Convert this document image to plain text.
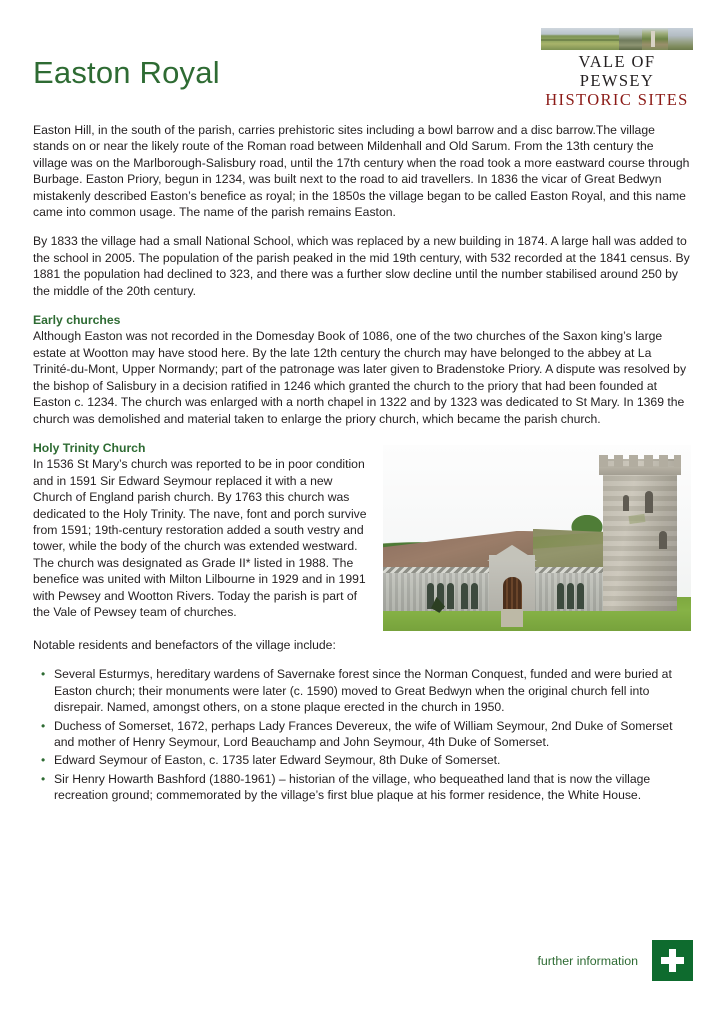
Easton Royal	VALE OF PEWSEY
HISTORIC SITES

Easton Hill, in the south of the parish, carries prehistoric sites including a bowl barrow and a disc barrow.The village stands on or near the likely route of the Roman road between Mildenhall and Old Sarum. From the 13th century the village was on the Marlborough-Salisbury road, until the 17th century when the road took a more eastward course through Burbage. Easton Priory, begun in 1234, was built next to the road to aid travellers. In 1836 the vicar of Great Bedwyn mistakenly described Easton’s benefice as royal; in the 1850s the village began to be called Easton Royal, and this name came into common usage. The name of the parish remains Easton.

By 1833 the village had a small National School, which was replaced by a new building in 1874. A large hall was added to the school in 2005. The population of the parish peaked in the mid 19th century, with 532 recorded at the 1841 census. By 1881 the population had declined to 323, and there was a further slow decline until the number stabilised around 250 by the middle of the 20th century.

Early churches

Although Easton was not recorded in the Domesday Book of 1086, one of the two churches of the Saxon king’s large estate at Wootton may have stood here. By the late 12th century the church may have belonged to the abbey at La Trinité-du-Mont, Upper Normandy; part of the patronage was later given to Bradenstoke Priory. A dispute was resolved by the bishop of Salisbury in a decision ratified in 1246 which granted the church to the priory that had been founded at Easton c. 1234. The church was enlarged with a north chapel in 1322 and by 1323 was dedicated to St Mary. In 1369 the church was demolished and material taken to enlarge the priory church, which became the parish church.

Holy Trinity Church

In 1536 St Mary’s church was reported to be in poor condition and in 1591 Sir Edward Seymour replaced it with a new Church of England parish church. By 1763 this church was dedicated to the Holy Trinity. The nave, font and porch survive from 1591; 19th-century restoration added a south vestry and tower, while the body of the church was extended westward. The church was designated as Grade II* listed in 1988. The benefice was united with Milton Lilbourne in 1929 and in 1991 with Pewsey and Wootton Rivers. Today the parish is part of the Vale of Pewsey team of churches.

Notable residents and benefactors of the village include:

• Several Esturmys, hereditary wardens of Savernake forest since the Norman Conquest, funded and were buried at Easton church; their monuments were later (c. 1590) moved to Great Bedwyn when the original church fell into disrepair. Named, amongst others, on a stone plaque erected in the church in 1950.
• Duchess of Somerset, 1672, perhaps Lady Frances Devereux, the wife of William Seymour, 2nd Duke of Somerset and mother of Henry Seymour, Lord Beauchamp and John Seymour, 4th Duke of Somerset.
• Edward Seymour of Easton, c. 1735 later Edward Seymour, 8th Duke of Somerset.
• Sir Henry Howarth Bashford (1880-1961) – historian of the village, who bequeathed land that is now the village recreation ground; commemorated by the village’s first blue plaque at his former residence, the White House.
further information
